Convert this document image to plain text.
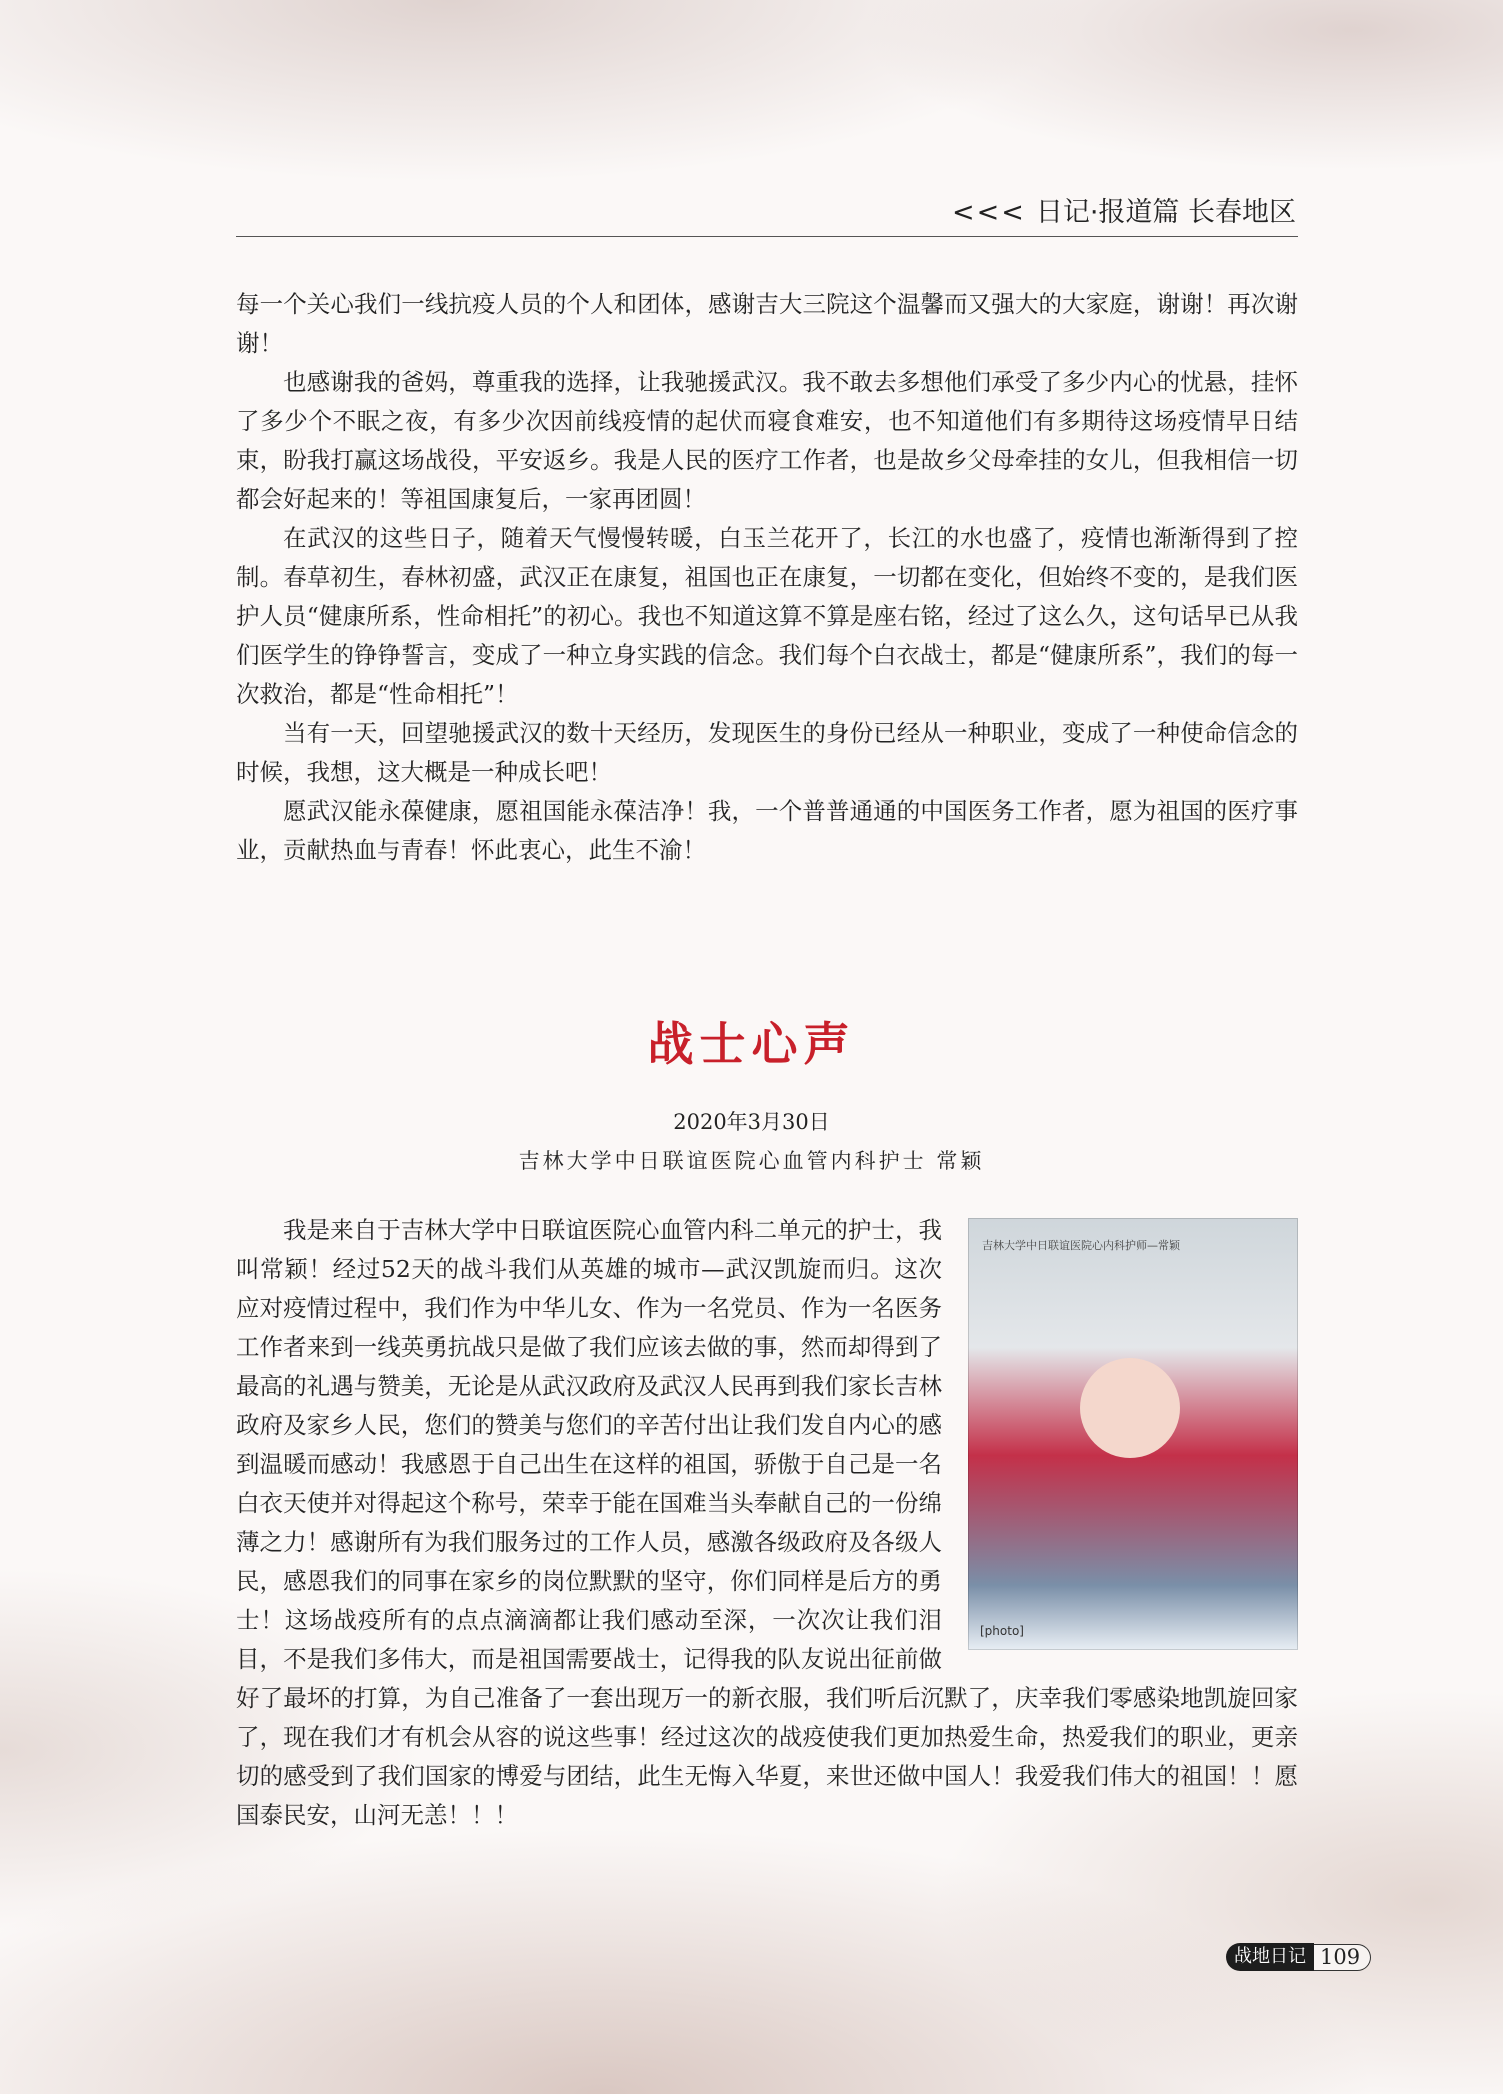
<<< 日记·报道篇 长春地区

每一个关心我们一线抗疫人员的个人和团体，感谢吉大三院这个温馨而又强大的大家庭，谢谢！再次谢谢！

也感谢我的爸妈，尊重我的选择，让我驰援武汉。我不敢去多想他们承受了多少内心的忧悬，挂怀了多少个不眠之夜，有多少次因前线疫情的起伏而寝食难安，也不知道他们有多期待这场疫情早日结束，盼我打赢这场战役，平安返乡。我是人民的医疗工作者，也是故乡父母牵挂的女儿，但我相信一切都会好起来的！等祖国康复后，一家再团圆！

在武汉的这些日子，随着天气慢慢转暖，白玉兰花开了，长江的水也盛了，疫情也渐渐得到了控制。春草初生，春林初盛，武汉正在康复，祖国也正在康复，一切都在变化，但始终不变的，是我们医护人员“健康所系，性命相托”的初心。我也不知道这算不算是座右铭，经过了这么久，这句话早已从我们医学生的铮铮誓言，变成了一种立身实践的信念。我们每个白衣战士，都是“健康所系”，我们的每一次救治，都是“性命相托”！

当有一天，回望驰援武汉的数十天经历，发现医生的身份已经从一种职业，变成了一种使命信念的时候，我想，这大概是一种成长吧！

愿武汉能永葆健康，愿祖国能永葆洁净！我，一个普普通通的中国医务工作者，愿为祖国的医疗事业，贡献热血与青春！怀此衷心，此生不渝！

战士心声
2020年3月30日
吉林大学中日联谊医院心血管内科护士 常颖
吉林大学中日联谊医院心内科护师—常颖
[photo]

我是来自于吉林大学中日联谊医院心血管内科二单元的护士，我叫常颖！经过52天的战斗我们从英雄的城市—武汉凯旋而归。这次应对疫情过程中，我们作为中华儿女、作为一名党员、作为一名医务工作者来到一线英勇抗战只是做了我们应该去做的事，然而却得到了最高的礼遇与赞美，无论是从武汉政府及武汉人民再到我们家长吉林政府及家乡人民，您们的赞美与您们的辛苦付出让我们发自内心的感到温暖而感动！我感恩于自己出生在这样的祖国，骄傲于自己是一名白衣天使并对得起这个称号，荣幸于能在国难当头奉献自己的一份绵薄之力！感谢所有为我们服务过的工作人员，感激各级政府及各级人民，感恩我们的同事在家乡的岗位默默的坚守，你们同样是后方的勇士！这场战疫所有的点点滴滴都让我们感动至深，一次次让我们泪目，不是我们多伟大，而是祖国需要战士，记得我的队友说出征前做好了最坏的打算，为自己准备了一套出现万一的新衣服，我们听后沉默了，庆幸我们零感染地凯旋回家了，现在我们才有机会从容的说这些事！经过这次的战疫使我们更加热爱生命，热爱我们的职业，更亲切的感受到了我们国家的博爱与团结，此生无悔入华夏，来世还做中国人！我爱我们伟大的祖国！！愿国泰民安，山河无恙！！！

战地日记 109
